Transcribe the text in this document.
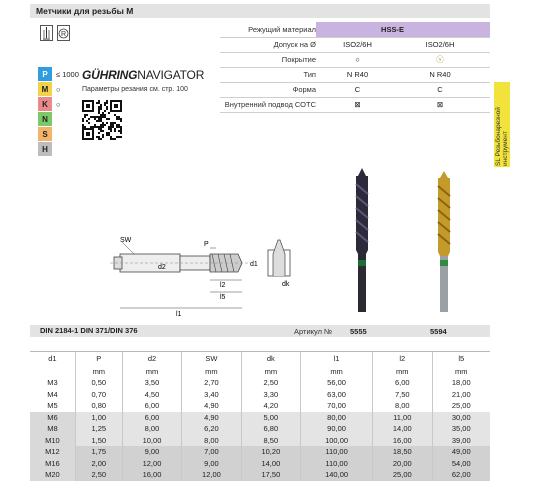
Метчики для резьбы M
R
P	≤ 1000
M	○
K	○
N
S
H
GÜHRINGNAVIGATOR
Параметры резания см. стр. 100
Режущий материал	HSS-E
Допуск на Ø	ISO2/6H	ISO2/6H
Покрытие	○	ⓢ
Тип	N R40	N R40
Форма	C	C
Внутренний подвод СОТС	⊠	⊠
SL Резьбонарезной инструмент
SW
P
d2	d1
l2
l5
l1
dk
DIN 2184-1 DIN 371/DIN 376	Артикул № 5555	5594
d1	P	d2	SW	dk	l1	l2	l5
	mm	mm	mm	mm	mm	mm	mm
M3	0,50	3,50	2,70	2,50	56,00	6,00	18,00
M4	0,70	4,50	3,40	3,30	63,00	7,50	21,00
M5	0,80	6,00	4,90	4,20	70,00	8,00	25,00
M6	1,00	6,00	4,90	5,00	80,00	11,00	30,00
M8	1,25	8,00	6,20	6,80	90,00	14,00	35,00
M10	1,50	10,00	8,00	8,50	100,00	16,00	39,00
M12	1,75	9,00	7,00	10,20	110,00	18,50	49,00
M16	2,00	12,00	9,00	14,00	110,00	20,00	54,00
M20	2,50	16,00	12,00	17,50	140,00	25,00	62,00
